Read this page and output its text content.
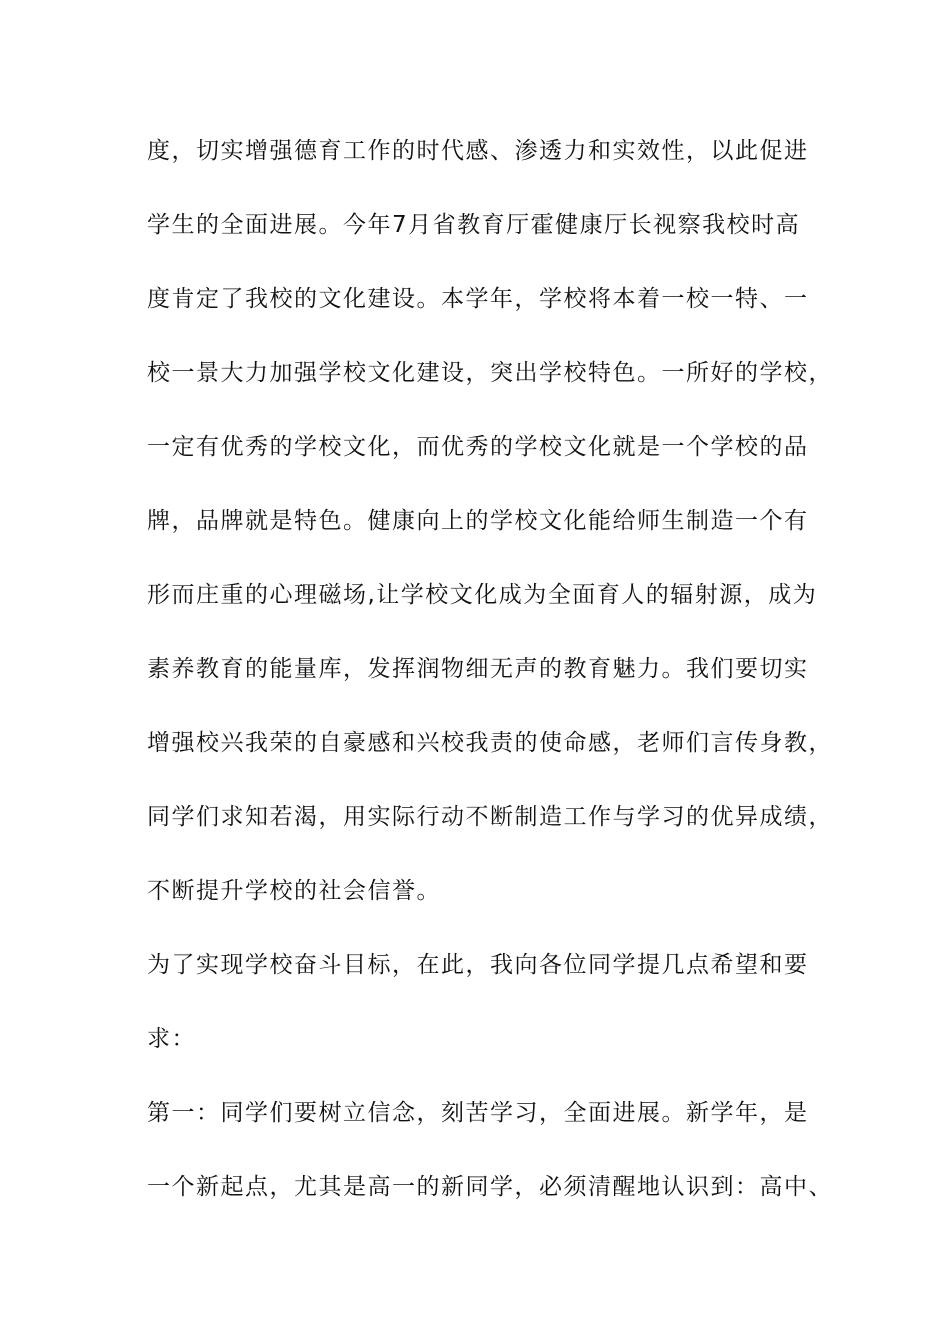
度，切实增强德育工作的时代感、渗透力和实效性，以此促进
学生的全面进展。今年7月省教育厅霍健康厅长视察我校时高
度肯定了我校的文化建设。本学年，学校将本着一校一特、一
校一景大力加强学校文化建设，突出学校特色。一所好的学校，
一定有优秀的学校文化，而优秀的学校文化就是一个学校的品
牌，品牌就是特色。健康向上的学校文化能给师生制造一个有
形而庄重的心理磁场,让学校文化成为全面育人的辐射源，成为
素养教育的能量库，发挥润物细无声的教育魅力。我们要切实
增强校兴我荣的自豪感和兴校我责的使命感，老师们言传身教，
同学们求知若渴，用实际行动不断制造工作与学习的优异成绩，
不断提升学校的社会信誉。
为了实现学校奋斗目标，在此，我向各位同学提几点希望和要
求：
第一：同学们要树立信念，刻苦学习，全面进展。新学年，是
一个新起点，尤其是高一的新同学，必须清醒地认识到：高中、
